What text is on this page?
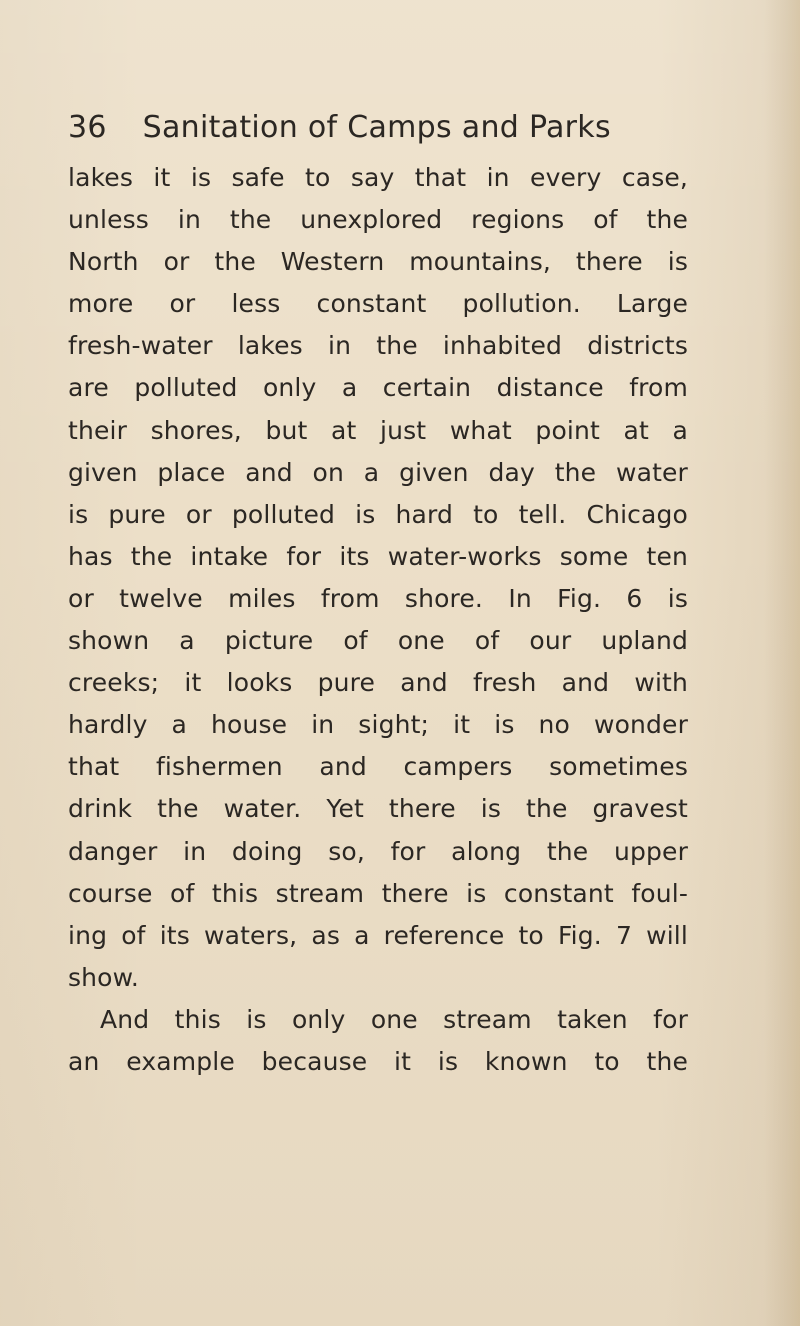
36 Sanitation of Camps and Parks
lakes it is safe to say that in every case,
unless in the unexplored regions of the
North or the Western mountains, there is
more or less constant pollution. Large
fresh-water lakes in the inhabited districts
are polluted only a certain distance from
their shores, but at just what point at a
given place and on a given day the water
is pure or polluted is hard to tell. Chicago
has the intake for its water-works some ten
or twelve miles from shore. In Fig. 6 is
shown a picture of one of our upland
creeks; it looks pure and fresh and with
hardly a house in sight; it is no wonder
that fishermen and campers sometimes
drink the water. Yet there is the gravest
danger in doing so, for along the upper
course of this stream there is constant foul-
ing of its waters, as a reference to Fig. 7 will
show.
And this is only one stream taken for
an example because it is known to the
